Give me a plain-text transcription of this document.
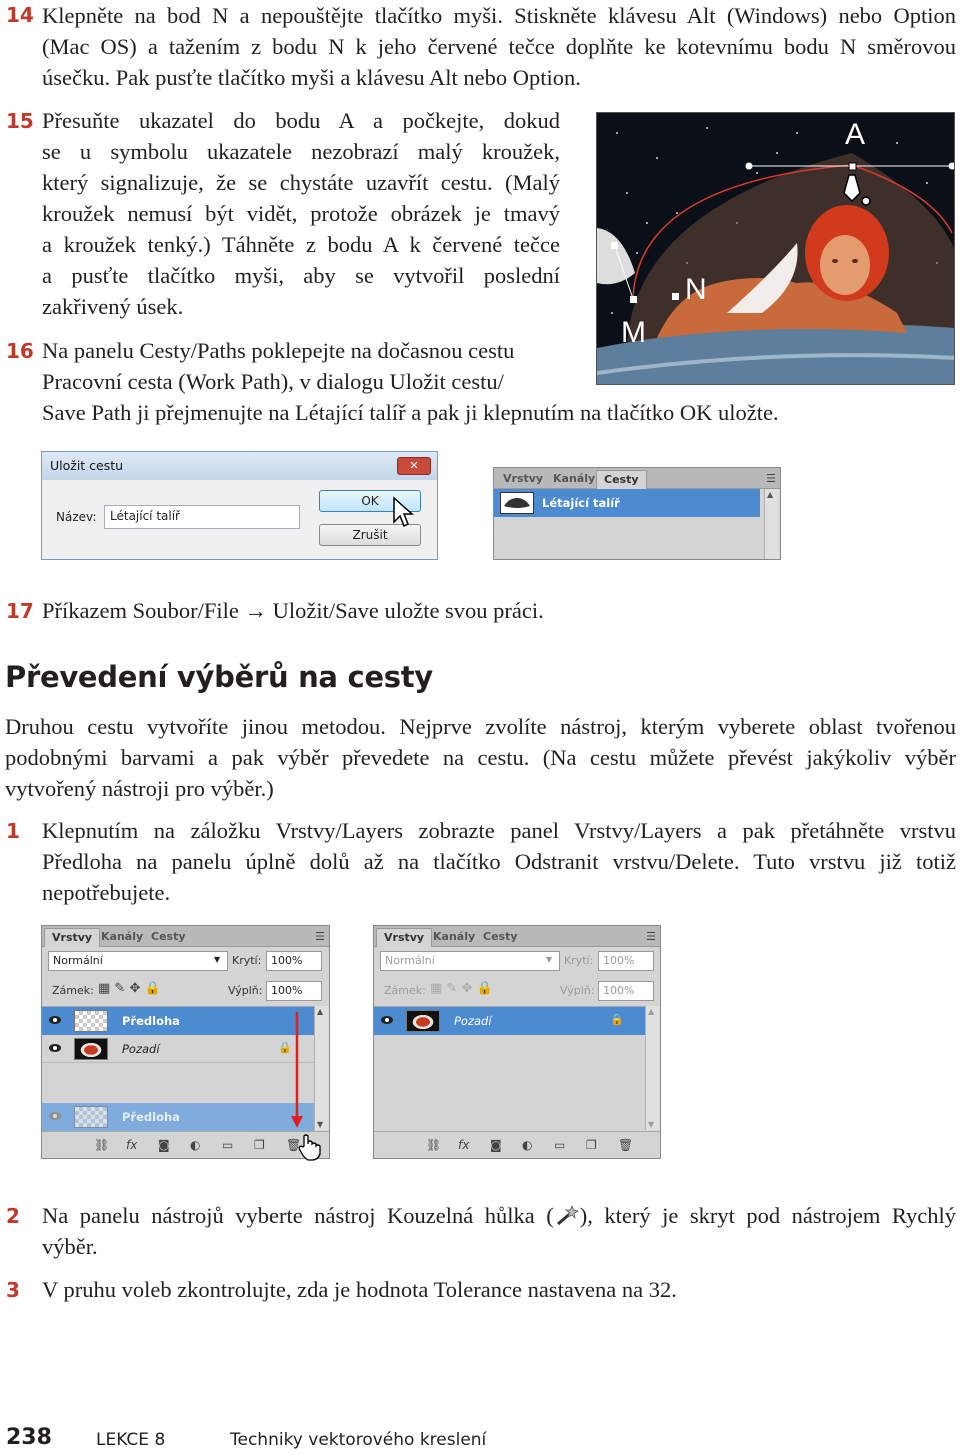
14 Klepněte na bod N a nepouštějte tlačítko myši. Stiskněte klávesu Alt (Windows) nebo Option
(Mac OS) a tažením z bodu N k jeho červené tečce doplňte ke kotevnímu bodu N směrovou
úsečku. Pak pusťte tlačítko myši a klávesu Alt nebo Option.
15 Přesuňte ukazatel do bodu A a počkejte, dokud
se u symbolu ukazatele nezobrazí malý kroužek,
který signalizuje, že se chystáte uzavřít cestu. (Malý
kroužek nemusí být vidět, protože obrázek je tmavý
a kroužek tenký.) Táhněte z bodu A k červené tečce
a pusťte tlačítko myši, aby se vytvořil poslední
zakřivený úsek.
A
N
M
16 Na panelu Cesty/Paths poklepejte na dočasnou cestu
Pracovní cesta (Work Path), v dialogu Uložit cestu/
Save Path ji přejmenujte na Létající talíř a pak ji klepnutím na tlačítko OK uložte.
Uložit cestu	✕
Název:	Létající talíř
OK
Zrušit
Vrstvy Kanály Cesty
Létající talíř
▲
☰
17 Příkazem Soubor/File → Uložit/Save uložte svou práci.
Převedení výběrů na cesty
Druhou cestu vytvoříte jinou metodou. Nejprve zvolíte nástroj, kterým vyberete oblast tvořenou
podobnými barvami a pak výběr převedete na cestu. (Na cestu můžete převést jakýkoliv výběr
vytvořený nástroji pro výběr.)
1 Klepnutím na záložku Vrstvy/Layers zobrazte panel Vrstvy/Layers a pak přetáhněte vrstvu
Předloha na panelu úplně dolů až na tlačítko Odstranit vrstvu/Delete. Tuto vrstvu již totiž
nepotřebujete.
Vrstvy Kanály Cesty	☰
Normální	▼ Krytí: 100%
Zámek: ▦ ✎ ✥ 🔒	Výplň: 100%
Předloha
Pozadí	🔒
Předloha
▲
▼
⛓ fx ◙ ◐ ▭ ❐ 🗑
Vrstvy Kanály Cesty	☰
Normální	▼ Krytí: 100%
Zámek: ▦ ✎ ✥ 🔒	Výplň: 100%
Pozadí	🔒
▲
▼
⛓ fx ◙ ◐ ▭ ❐ 🗑
2 Na panelu nástrojů vyberte nástroj Kouzelná hůlka ( ), který je skryt pod nástrojem Rychlý
výběr.
3 V pruhu voleb zkontrolujte, zda je hodnota Tolerance nastavena na 32.
238	LEKCE 8	Techniky vektorového kreslení
